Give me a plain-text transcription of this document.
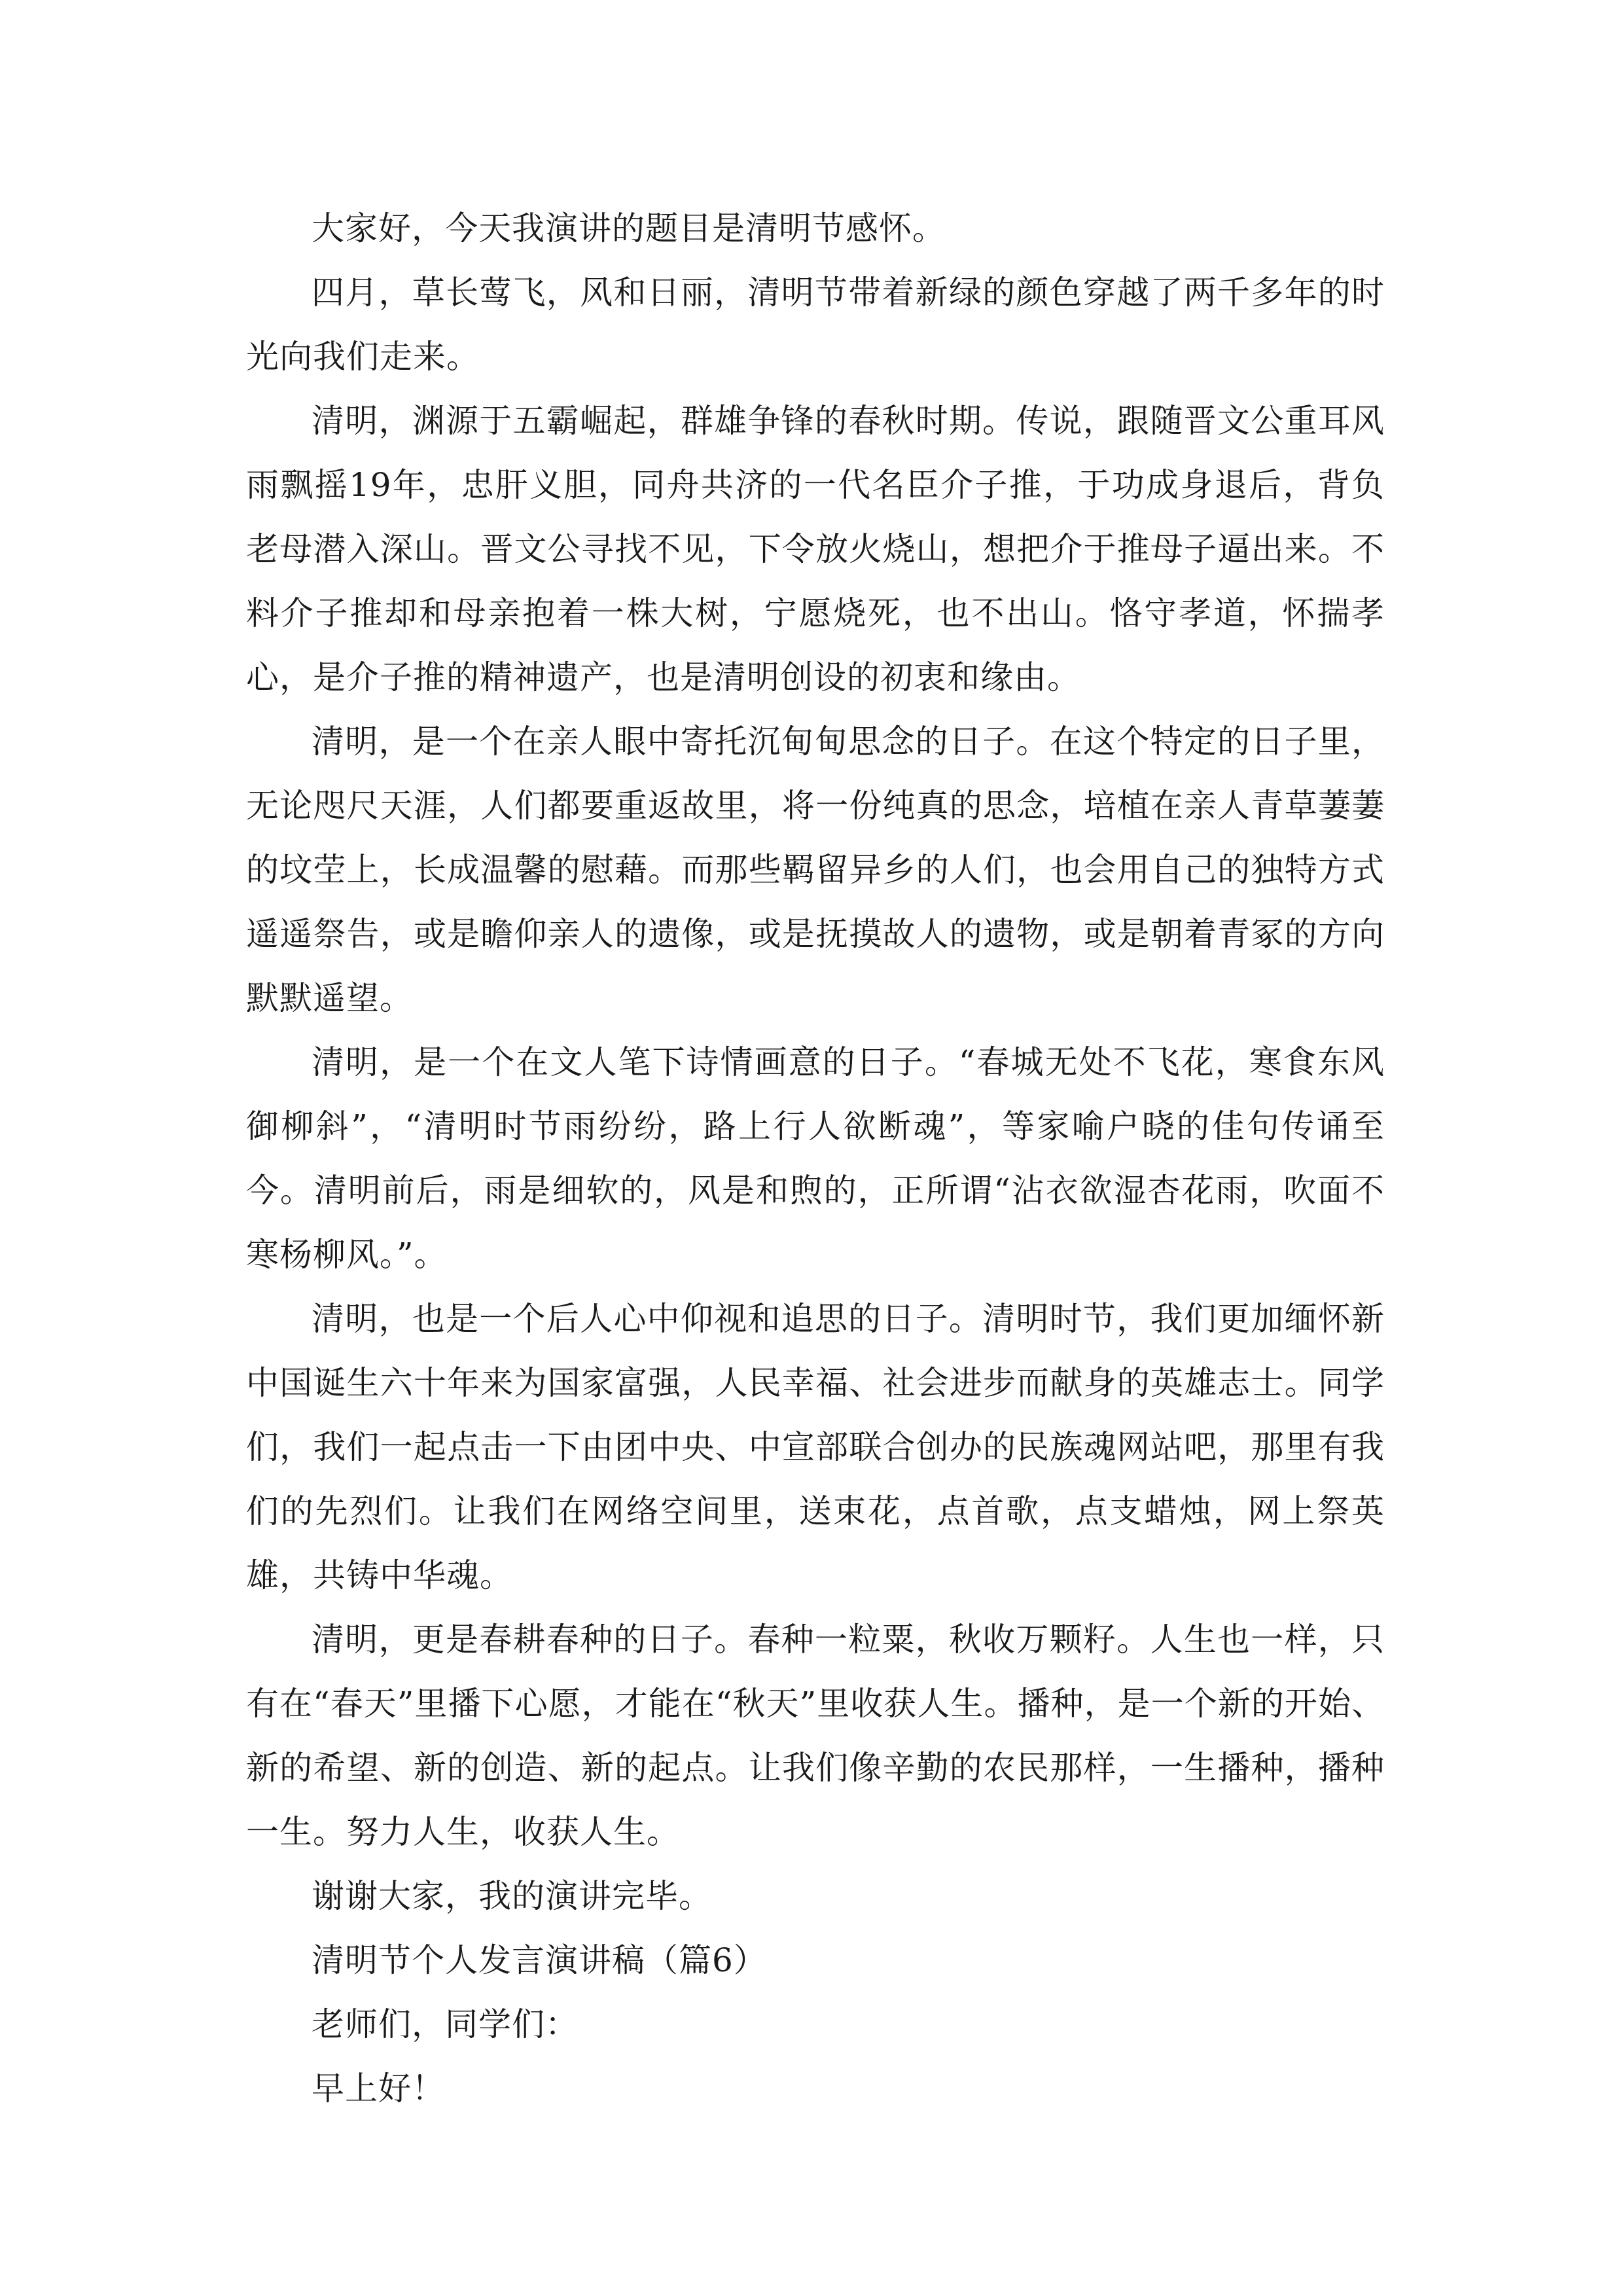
大家好，今天我演讲的题目是清明节感怀。

四月，草长莺飞，风和日丽，清明节带着新绿的颜色穿越了两千多年的时光向我们走来。

清明，渊源于五霸崛起，群雄争锋的春秋时期。传说，跟随晋文公重耳风雨飘摇19年，忠肝义胆，同舟共济的一代名臣介子推，于功成身退后，背负老母潜入深山。晋文公寻找不见，下令放火烧山，想把介于推母子逼出来。不料介子推却和母亲抱着一株大树，宁愿烧死，也不出山。恪守孝道，怀揣孝心，是介子推的精神遗产，也是清明创设的初衷和缘由。

清明，是一个在亲人眼中寄托沉甸甸思念的日子。在这个特定的日子里，无论咫尺天涯，人们都要重返故里，将一份纯真的思念，培植在亲人青草萋萋的坟茔上，长成温馨的慰藉。而那些羁留异乡的人们，也会用自己的独特方式遥遥祭告，或是瞻仰亲人的遗像，或是抚摸故人的遗物，或是朝着青冢的方向默默遥望。

清明，是一个在文人笔下诗情画意的日子。“春城无处不飞花，寒食东风御柳斜”，“清明时节雨纷纷，路上行人欲断魂”，等家喻户晓的佳句传诵至今。清明前后，雨是细软的，风是和煦的，正所谓“沾衣欲湿杏花雨，吹面不寒杨柳风。”。

清明，也是一个后人心中仰视和追思的日子。清明时节，我们更加缅怀新中国诞生六十年来为国家富强，人民幸福、社会进步而献身的英雄志士。同学们，我们一起点击一下由团中央、中宣部联合创办的民族魂网站吧，那里有我们的先烈们。让我们在网络空间里，送束花，点首歌，点支蜡烛，网上祭英雄，共铸中华魂。

清明，更是春耕春种的日子。春种一粒粟，秋收万颗籽。人生也一样，只有在“春天”里播下心愿，才能在“秋天”里收获人生。播种，是一个新的开始、新的希望、新的创造、新的起点。让我们像辛勤的农民那样，一生播种，播种一生。努力人生，收获人生。

谢谢大家，我的演讲完毕。

清明节个人发言演讲稿（篇6）

老师们，同学们：

早上好！
